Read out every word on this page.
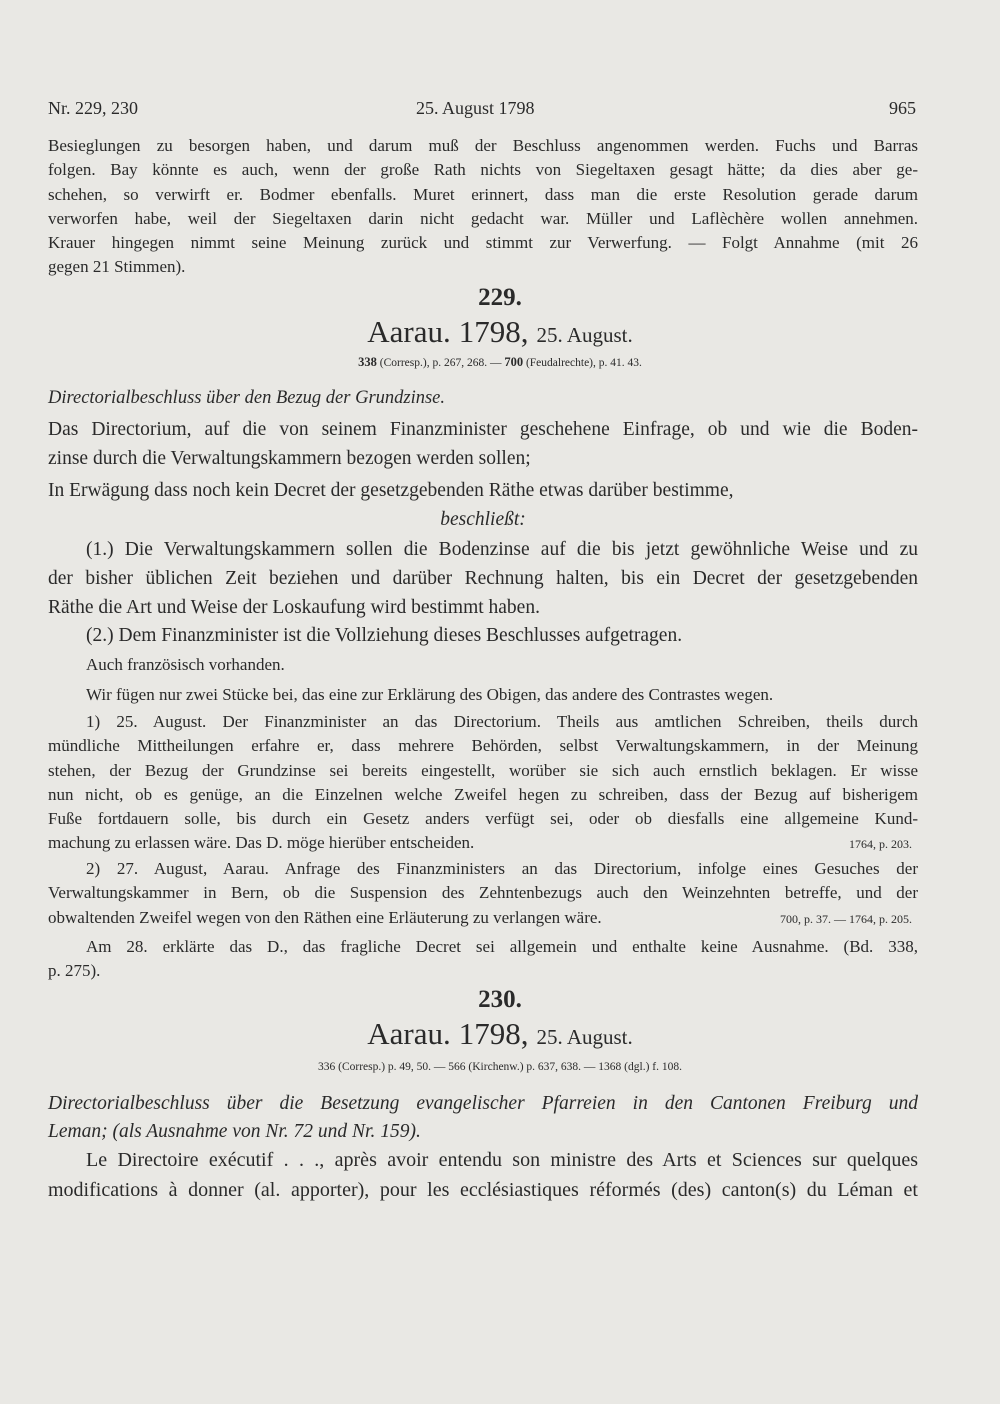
Nr. 229, 230	25. August 1798	965
Besieglungen zu besorgen haben, und darum muß der Beschluss angenommen werden. Fuchs und Barras
folgen. Bay könnte es auch, wenn der große Rath nichts von Siegeltaxen gesagt hätte; da dies aber ge-
schehen, so verwirft er. Bodmer ebenfalls. Muret erinnert, dass man die erste Resolution gerade darum
verworfen habe, weil der Siegeltaxen darin nicht gedacht war. Müller und Laflèchère wollen annehmen.
Krauer hingegen nimmt seine Meinung zurück und stimmt zur Verwerfung. — Folgt Annahme (mit 26
gegen 21 Stimmen).
229.
Aarau. 1798, 25. August.
338 (Corresp.), p. 267, 268. — 700 (Feudalrechte), p. 41. 43.
Directorialbeschluss über den Bezug der Grundzinse.
Das Directorium, auf die von seinem Finanzminister geschehene Einfrage, ob und wie die Boden-
zinse durch die Verwaltungskammern bezogen werden sollen;
In Erwägung dass noch kein Decret der gesetzgebenden Räthe etwas darüber bestimme,
beschließt:
(1.) Die Verwaltungskammern sollen die Bodenzinse auf die bis jetzt gewöhnliche Weise und zu
der bisher üblichen Zeit beziehen und darüber Rechnung halten, bis ein Decret der gesetzgebenden
Räthe die Art und Weise der Loskaufung wird bestimmt haben.
(2.) Dem Finanzminister ist die Vollziehung dieses Beschlusses aufgetragen.
Auch französisch vorhanden.
Wir fügen nur zwei Stücke bei, das eine zur Erklärung des Obigen, das andere des Contrastes wegen.
1) 25. August. Der Finanzminister an das Directorium. Theils aus amtlichen Schreiben, theils durch
mündliche Mittheilungen erfahre er, dass mehrere Behörden, selbst Verwaltungskammern, in der Meinung
stehen, der Bezug der Grundzinse sei bereits eingestellt, worüber sie sich auch ernstlich beklagen. Er wisse
nun nicht, ob es genüge, an die Einzelnen welche Zweifel hegen zu schreiben, dass der Bezug auf bisherigem
Fuße fortdauern solle, bis durch ein Gesetz anders verfügt sei, oder ob diesfalls eine allgemeine Kund-
machung zu erlassen wäre. Das D. möge hierüber entscheiden.	1764, p. 203.
2) 27. August, Aarau. Anfrage des Finanzministers an das Directorium, infolge eines Gesuches der
Verwaltungskammer in Bern, ob die Suspension des Zehntenbezugs auch den Weinzehnten betreffe, und der
obwaltenden Zweifel wegen von den Räthen eine Erläuterung zu verlangen wäre.	700, p. 37. — 1764, p. 205.
Am 28. erklärte das D., das fragliche Decret sei allgemein und enthalte keine Ausnahme. (Bd. 338,
p. 275).
230.
Aarau. 1798, 25. August.
336 (Corresp.) p. 49, 50. — 566 (Kirchenw.) p. 637, 638. — 1368 (dgl.) f. 108.
Directorialbeschluss über die Besetzung evangelischer Pfarreien in den Cantonen Freiburg und
Leman; (als Ausnahme von Nr. 72 und Nr. 159).
Le Directoire exécutif . . ., après avoir entendu son ministre des Arts et Sciences sur quelques
modifications à donner (al. apporter), pour les ecclésiastiques réformés (des) canton(s) du Léman et
